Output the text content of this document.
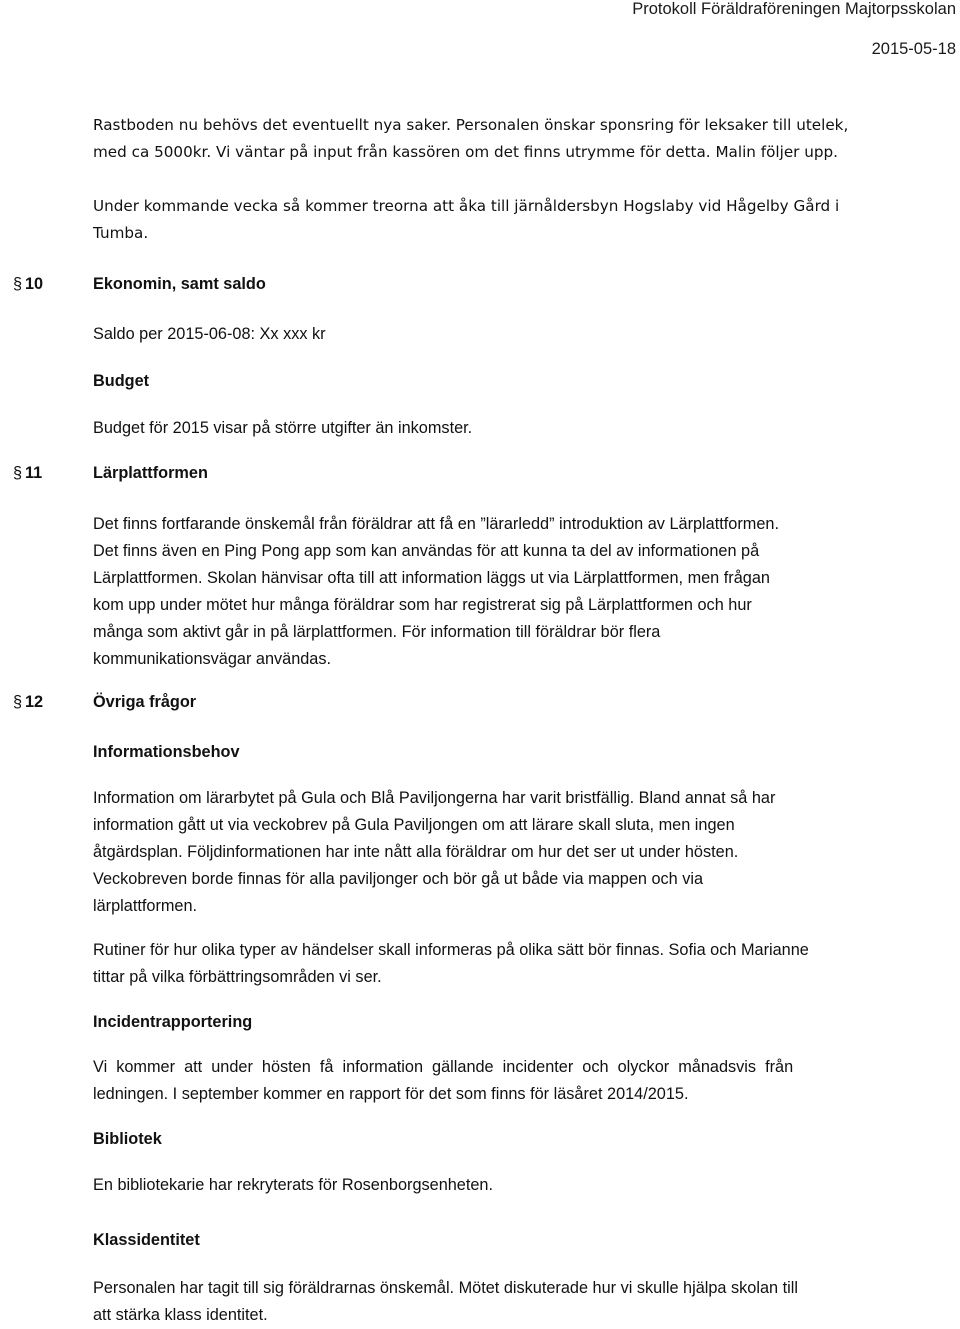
Protokoll Föräldraföreningen Majtorpsskolan
2015-05-18
Rastboden nu behövs det eventuellt nya saker. Personalen önskar sponsring för leksaker till utelek,
med ca 5000kr. Vi väntar på input från kassören om det finns utrymme för detta. Malin följer upp.
Under kommande vecka så kommer treorna att åka till järnåldersbyn Hogslaby vid Hågelby Gård i
Tumba.
§ 10	Ekonomin, samt saldo
Saldo per 2015-06-08: Xx xxx kr
Budget
Budget för 2015 visar på större utgifter än inkomster.
§ 11	Lärplattformen
Det finns fortfarande önskemål från föräldrar att få en ”lärarledd” introduktion av Lärplattformen.
Det finns även en Ping Pong app som kan användas för att kunna ta del av informationen på
Lärplattformen. Skolan hänvisar ofta till att information läggs ut via Lärplattformen, men frågan
kom upp under mötet hur många föräldrar som har registrerat sig på Lärplattformen och hur
många som aktivt går in på lärplattformen. För information till föräldrar bör flera
kommunikationsvägar användas.
§ 12	Övriga frågor
Informationsbehov
Information om lärarbytet på Gula och Blå Paviljongerna har varit bristfällig. Bland annat så har
information gått ut via veckobrev på Gula Paviljongen om att lärare skall sluta, men ingen
åtgärdsplan. Följdinformationen har inte nått alla föräldrar om hur det ser ut under hösten.
Veckobreven borde finnas för alla paviljonger och bör gå ut både via mappen och via
lärplattformen.
Rutiner för hur olika typer av händelser skall informeras på olika sätt bör finnas. Sofia och Marianne
tittar på vilka förbättringsområden vi ser.
Incidentrapportering
Vi  kommer  att  under  hösten  få  information  gällande  incidenter  och  olyckor  månadsvis  från
ledningen. I september kommer en rapport för det som finns för läsåret 2014/2015.
Bibliotek
En bibliotekarie har rekryterats för Rosenborgsenheten.
Klassidentitet
Personalen har tagit till sig föräldrarnas önskemål. Mötet diskuterade hur vi skulle hjälpa skolan till
att stärka klass identitet.
